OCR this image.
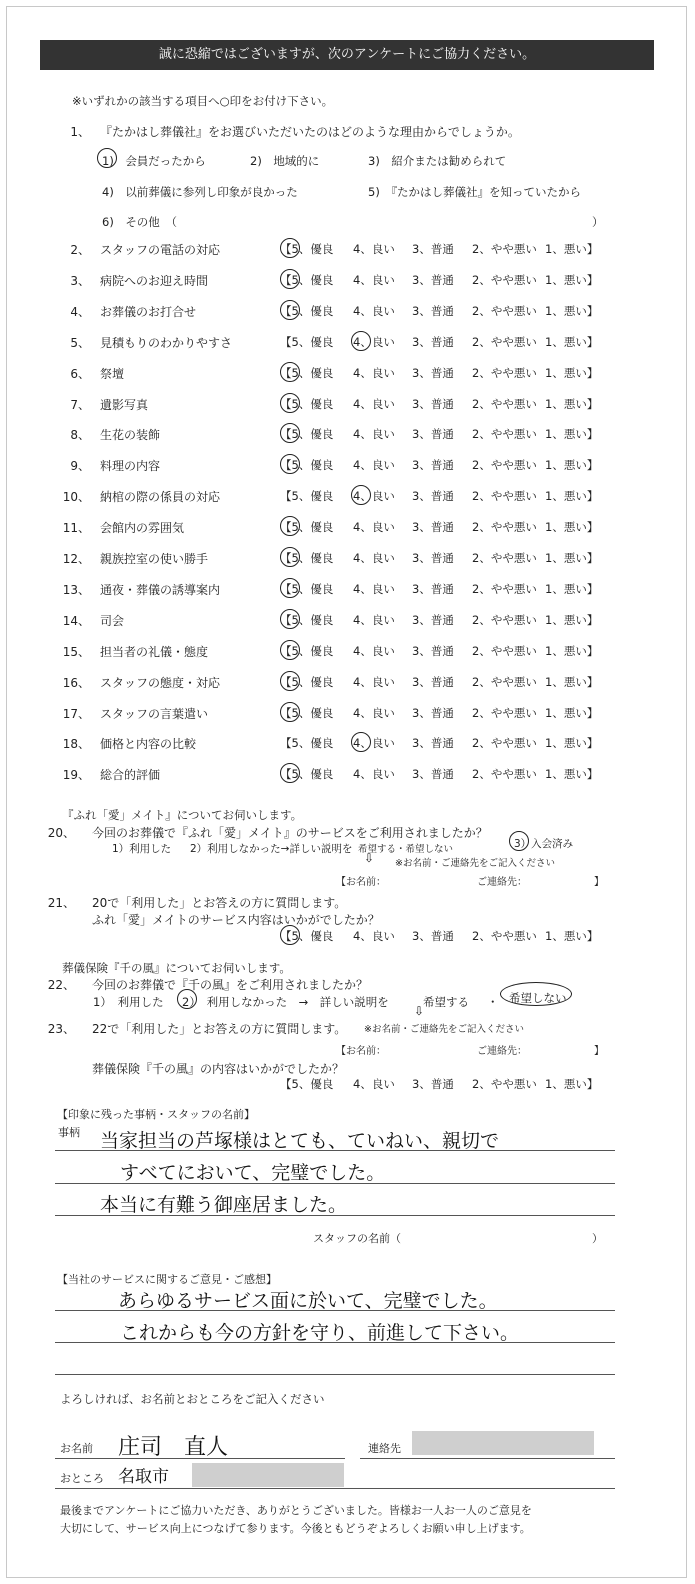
誠に恐縮ではございますが、次のアンケートにご協力ください。
※いずれかの該当する項目へ○印をお付け下さい。
1、 『たかはし葬儀社』をお選びいただいたのはどのような理由からでしょうか。
1)　 会員だったから	2)　 地域的に	3)　 紹介または勧められて
4)　 以前葬儀に参列し印象が良かった	5)　 『たかはし葬儀社』を知っていたから
6)　 その他　（	）
2、 スタッフの電話の対応	【5、優良 4、良い 3、普通 2、やや悪い 1、悪い】
3、 病院へのお迎え時間	【5、優良 4、良い 3、普通 2、やや悪い 1、悪い】
4、 お葬儀のお打合せ	【5、優良 4、良い 3、普通 2、やや悪い 1、悪い】
5、 見積もりのわかりやすさ	【5、優良 4、良い 3、普通 2、やや悪い 1、悪い】
6、 祭壇	【5、優良 4、良い 3、普通 2、やや悪い 1、悪い】
7、 遺影写真	【5、優良 4、良い 3、普通 2、やや悪い 1、悪い】
8、 生花の装飾	【5、優良 4、良い 3、普通 2、やや悪い 1、悪い】
9、 料理の内容	【5、優良 4、良い 3、普通 2、やや悪い 1、悪い】
10、 納棺の際の係員の対応	【5、優良 4、良い 3、普通 2、やや悪い 1、悪い】
11、 会館内の雰囲気	【5、優良 4、良い 3、普通 2、やや悪い 1、悪い】
12、 親族控室の使い勝手	【5、優良 4、良い 3、普通 2、やや悪い 1、悪い】
13、 通夜・葬儀の誘導案内	【5、優良 4、良い 3、普通 2、やや悪い 1、悪い】
14、 司会	【5、優良 4、良い 3、普通 2、やや悪い 1、悪い】
15、 担当者の礼儀・態度	【5、優良 4、良い 3、普通 2、やや悪い 1、悪い】
16、 スタッフの態度・対応	【5、優良 4、良い 3、普通 2、やや悪い 1、悪い】
17、 スタッフの言葉遣い	【5、優良 4、良い 3、普通 2、やや悪い 1、悪い】
18、 価格と内容の比較	【5、優良 4、良い 3、普通 2、やや悪い 1、悪い】
19、 総合的評価	【5、優良 4、良い 3、普通 2、やや悪い 1、悪い】
『ふれ「愛」メイト』についてお伺いします。
20、 今回のお葬儀で『ふれ「愛」メイト』のサービスをご利用されましたか？
1）利用した 2）利用しなかった→詳しい説明を 希望する・希望しない	3）入会済み
⇩ ※お名前・ご連絡先をご記入ください
【お名前：	ご連絡先：	】
21、 20で「利用した」とお答えの方に質問します。
ふれ「愛」メイトのサービス内容はいかがでしたか？
【5、優良 4、良い 3、普通 2、やや悪い 1、悪い】
葬儀保険『千の風』についてお伺いします。
22、 今回のお葬儀で『千の風』をご利用されましたか？
1）　利用した 2）　利用しなかった　→　詳しい説明を	希望する ・ 希望しない
⇩
23、 22で「利用した」とお答えの方に質問します。 ※お名前・ご連絡先をご記入ください
【お名前：	ご連絡先：	】
葬儀保険『千の風』の内容はいかがでしたか？
【5、優良 4、良い 3、普通 2、やや悪い 1、悪い】
【印象に残った事柄・スタッフの名前】
事柄 当家担当の芦塚様はとても、ていねい、親切で
すべてにおいて、完璧でした。
本当に有難う御座居ました。
スタッフの名前（	）
【当社のサービスに関するご意見・ご感想】
あらゆるサービス面に於いて、完璧でした。
これからも今の方針を守り、前進して下さい。
よろしければ、お名前とおところをご記入ください
お名前 庄司　直人	連絡先
おところ 名取市
最後までアンケートにご協力いただき、ありがとうございました。皆様お一人お一人のご意見を
大切にして、サービス向上につなげて参ります。今後ともどうぞよろしくお願い申し上げます。
